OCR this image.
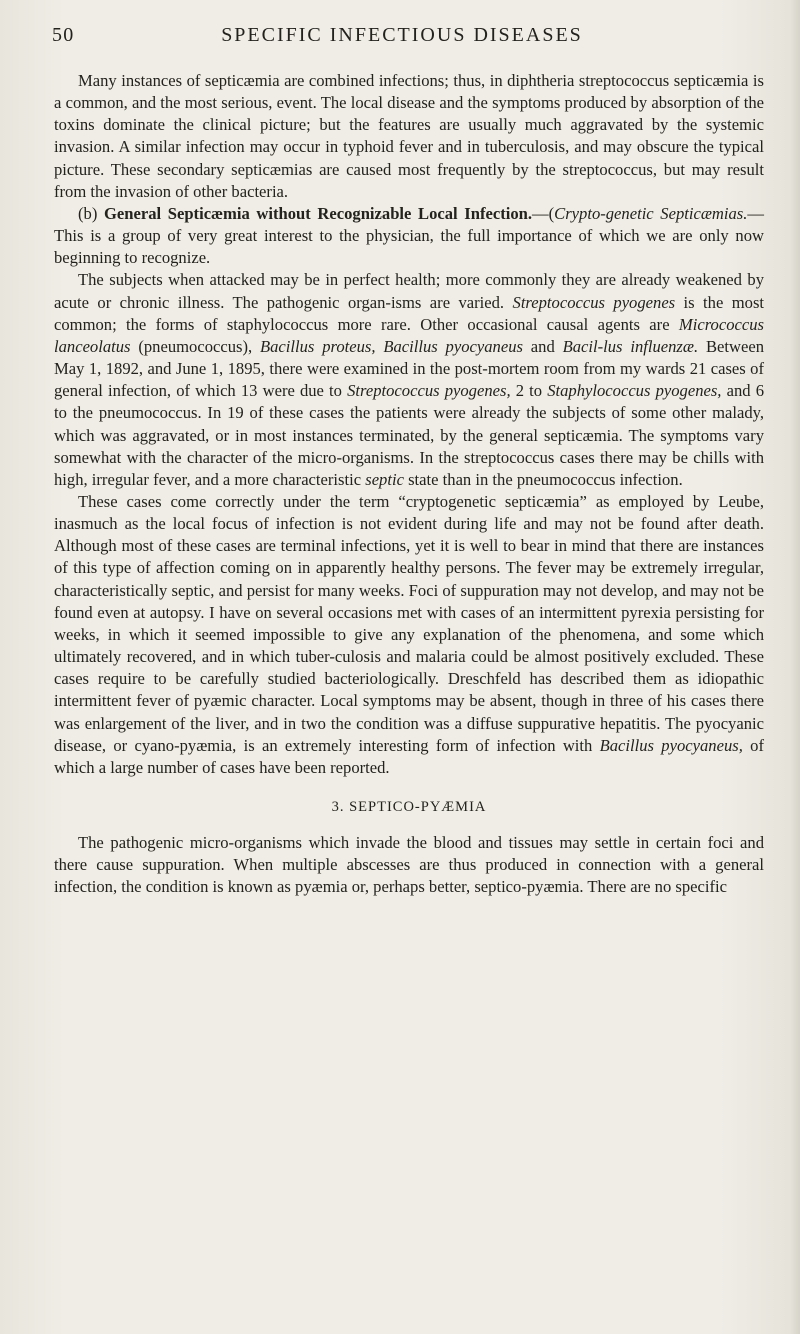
50	SPECIFIC INFECTIOUS DISEASES

Many instances of septicæmia are combined infections; thus, in diphtheria streptococcus septicæmia is a common, and the most serious, event. The local disease and the symptoms produced by absorption of the toxins dominate the clinical picture; but the features are usually much aggravated by the systemic invasion. A similar infection may occur in typhoid fever and in tuberculosis, and may obscure the typical picture. These secondary septicæmias are caused most frequently by the streptococcus, but may result from the invasion of other bacteria.

(b) General Septicæmia without Recognizable Local Infection.—(Crypto-genetic Septicæmias.—This is a group of very great interest to the physician, the full importance of which we are only now beginning to recognize.

The subjects when attacked may be in perfect health; more commonly they are already weakened by acute or chronic illness. The pathogenic organ-isms are varied. Streptococcus pyogenes is the most common; the forms of staphylococcus more rare. Other occasional causal agents are Micrococcus lanceolatus (pneumococcus), Bacillus proteus, Bacillus pyocyaneus and Bacil-lus influenzæ. Between May 1, 1892, and June 1, 1895, there were examined in the post-mortem room from my wards 21 cases of general infection, of which 13 were due to Streptococcus pyogenes, 2 to Staphylococcus pyogenes, and 6 to the pneumococcus. In 19 of these cases the patients were already the subjects of some other malady, which was aggravated, or in most instances terminated, by the general septicæmia. The symptoms vary somewhat with the character of the micro-organisms. In the streptococcus cases there may be chills with high, irregular fever, and a more characteristic septic state than in the pneumococcus infection.

These cases come correctly under the term “cryptogenetic septicæmia” as employed by Leube, inasmuch as the local focus of infection is not evident during life and may not be found after death. Although most of these cases are terminal infections, yet it is well to bear in mind that there are instances of this type of affection coming on in apparently healthy persons. The fever may be extremely irregular, characteristically septic, and persist for many weeks. Foci of suppuration may not develop, and may not be found even at autopsy. I have on several occasions met with cases of an intermittent pyrexia persisting for weeks, in which it seemed impossible to give any explanation of the phenomena, and some which ultimately recovered, and in which tuber-culosis and malaria could be almost positively excluded. These cases require to be carefully studied bacteriologically. Dreschfeld has described them as idiopathic intermittent fever of pyæmic character. Local symptoms may be absent, though in three of his cases there was enlargement of the liver, and in two the condition was a diffuse suppurative hepatitis. The pyocyanic disease, or cyano-pyæmia, is an extremely interesting form of infection with Bacillus pyocyaneus, of which a large number of cases have been reported.

3. SEPTICO-PYÆMIA

The pathogenic micro-organisms which invade the blood and tissues may settle in certain foci and there cause suppuration. When multiple abscesses are thus produced in connection with a general infection, the condition is known as pyæmia or, perhaps better, septico-pyæmia. There are no specific
